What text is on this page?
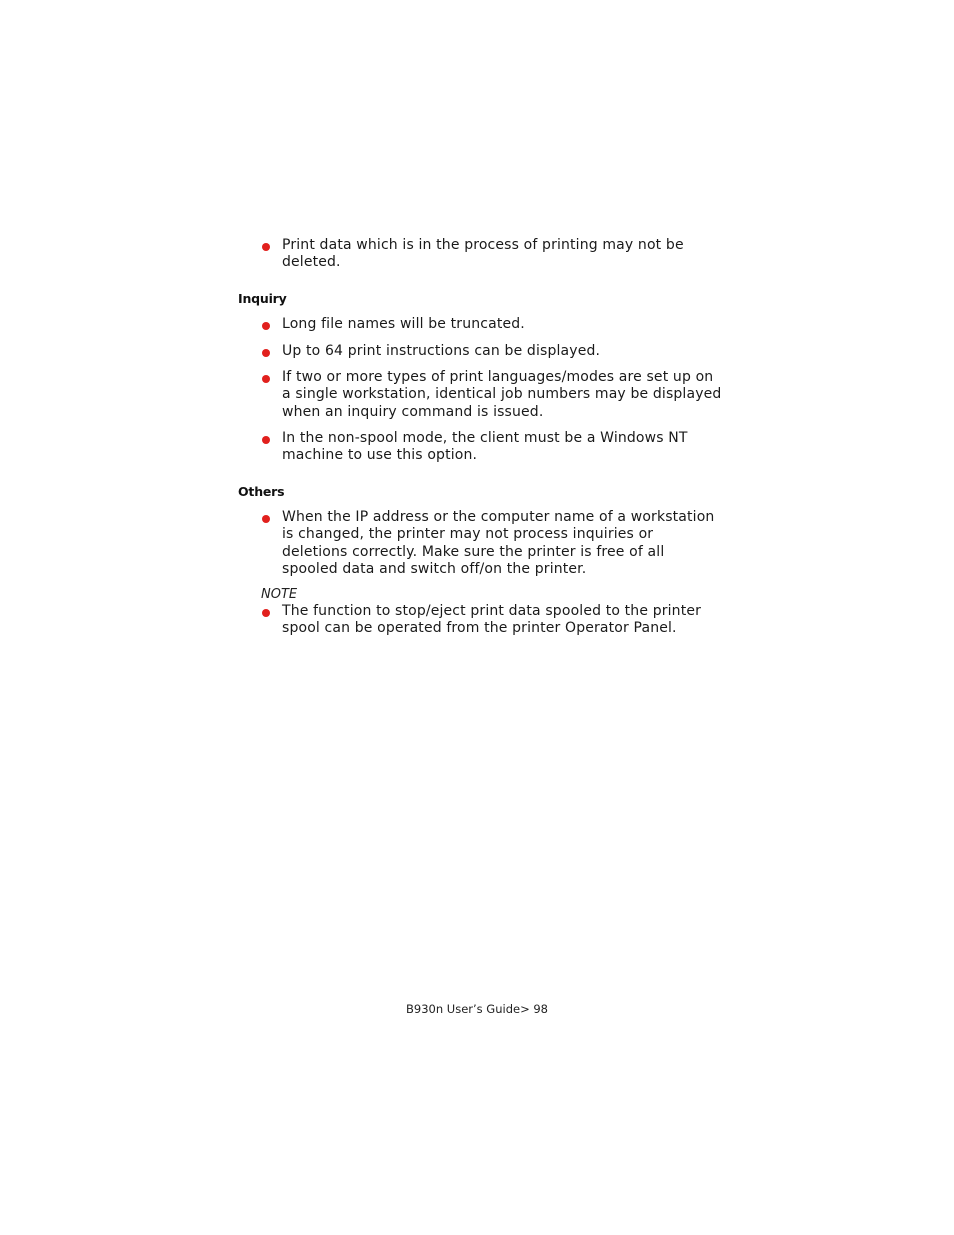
Print data which is in the process of printing may not be deleted.
Inquiry
Long file names will be truncated.
Up to 64 print instructions can be displayed.
If two or more types of print languages/modes are set up on a single workstation, identical job numbers may be displayed when an inquiry command is issued.
In the non-spool mode, the client must be a Windows NT machine to use this option.
Others
When the IP address or the computer name of a workstation is changed, the printer may not process inquiries or deletions correctly. Make sure the printer is free of all spooled data and switch off/on the printer.
NOTE
The function to stop/eject print data spooled to the printer spool can be operated from the printer Operator Panel.
B930n User’s Guide> 98
